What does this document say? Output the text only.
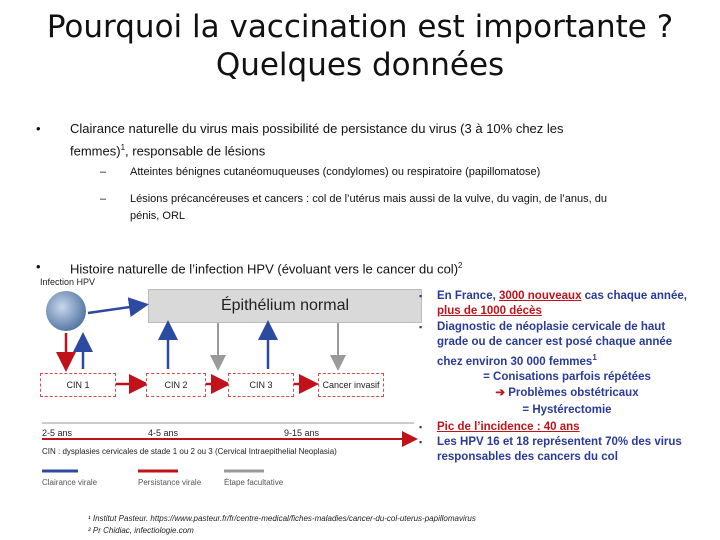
Pourquoi la vaccination est importante ?
Quelques données
• Clairance naturelle du virus mais possibilité de persistance du virus (3 à 10% chez les
femmes)$^1$, responsable de lésions
– Atteintes bénignes cutanéomuqueuses (condylomes) ou respiratoire (papillomatose)
– Lésions précancéreuses et cancers : col de l’utérus mais aussi de la vulve, du vagin, de l’anus, du
pénis, ORL
• Histoire naturelle de l’infection HPV (évoluant vers le cancer du col)$^2$
Infection HPV
Épithélium normal
CIN 1	CIN 2	CIN 3	Cancer invasif
2-5 ans	4-5 ans	9-15 ans
CIN : dysplasies cervicales de stade 1 ou 2 ou 3 (Cervical Intraepithelial Neoplasia)
Clairance virale	Persistance virale	Étape facultative
▪ En France, 3000 nouveaux cas chaque année,
plus de 1000 décès
▪ Diagnostic de néoplasie cervicale de haut
grade ou de cancer est posé chaque année
chez environ 30 000 femmes$^1$
= Conisations parfois répétées
➔ Problèmes obstétricaux
= Hystérectomie
▪ Pic de l’incidence : 40 ans
▪ Les HPV 16 et 18 représentent 70% des virus
responsables des cancers du col
¹ Institut Pasteur. https://www.pasteur.fr/fr/centre-medical/fiches-maladies/cancer-du-col-uterus-papillomavirus
² Pr Chidiac, infectiologie.com
